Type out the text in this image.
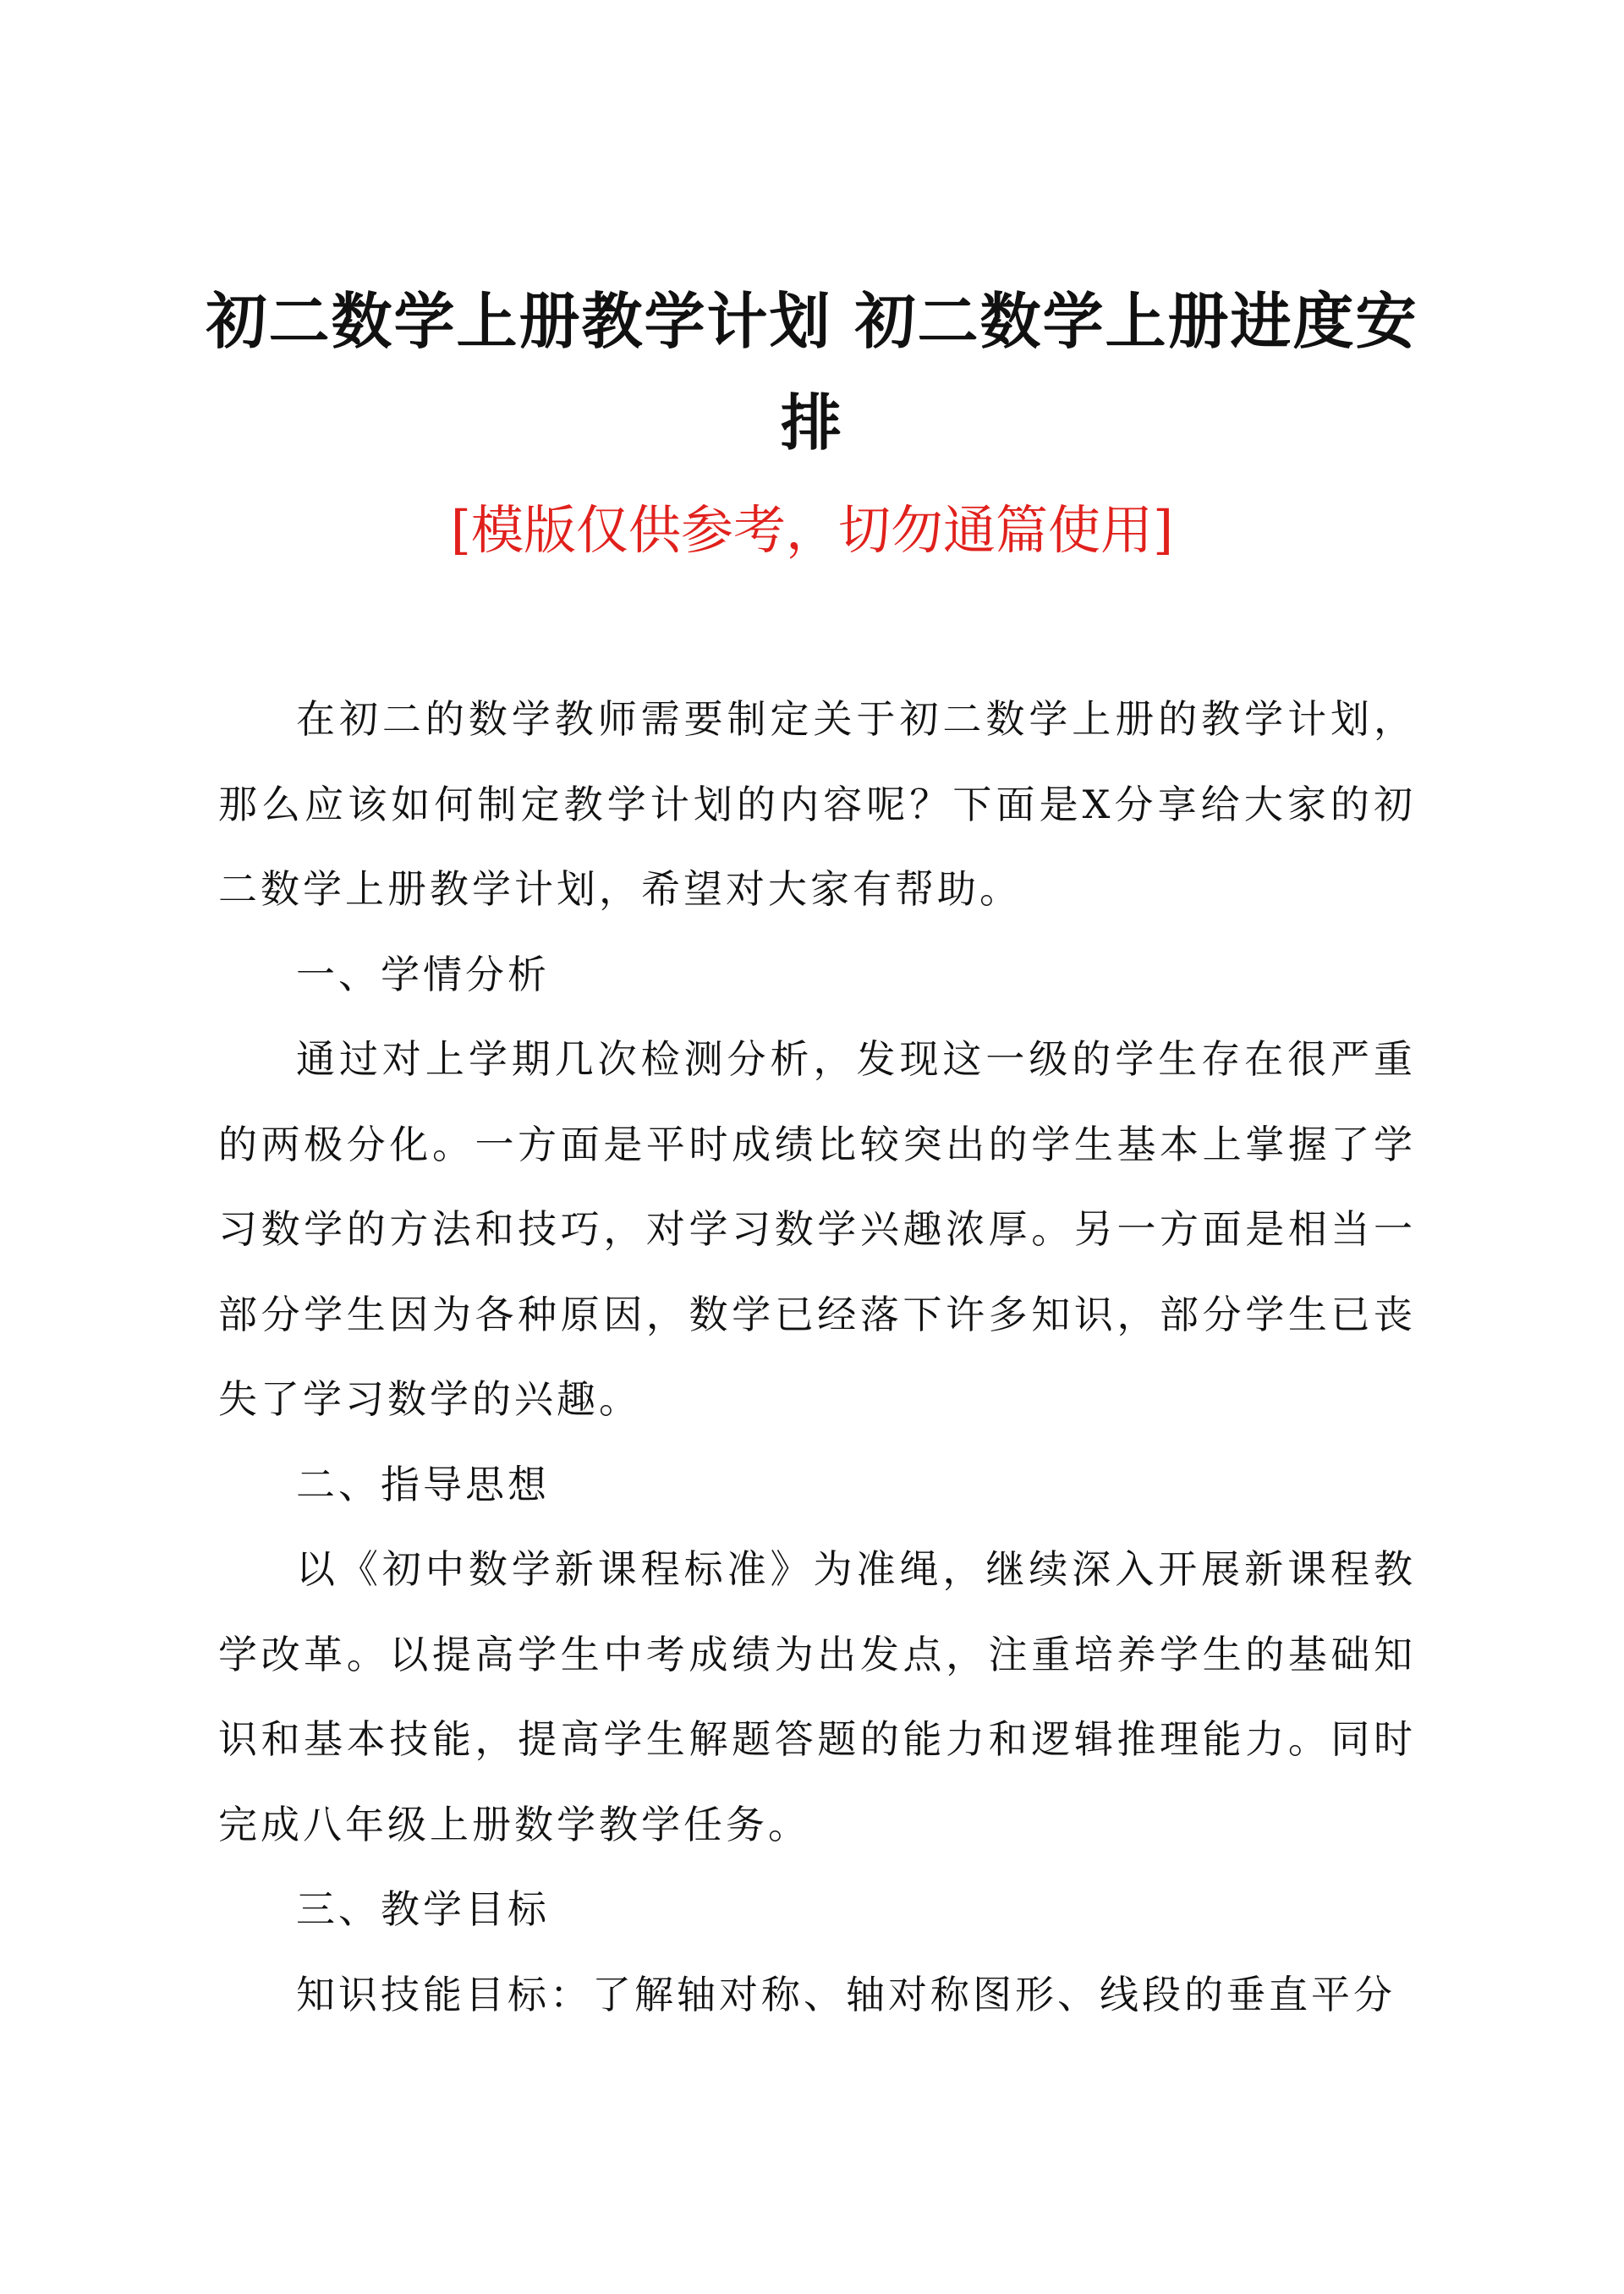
初二数学上册教学计划 初二数学上册进度安排
[模版仅供参考，切勿通篇使用]

在初二的数学教师需要制定关于初二数学上册的教学计划，那么应该如何制定教学计划的内容呢？下面是X分享给大家的初二数学上册教学计划，希望对大家有帮助。

一、学情分析

通过对上学期几次检测分析，发现这一级的学生存在很严重的两极分化。一方面是平时成绩比较突出的学生基本上掌握了学习数学的方法和技巧，对学习数学兴趣浓厚。另一方面是相当一部分学生因为各种原因，数学已经落下许多知识，部分学生已丧失了学习数学的兴趣。

二、指导思想

以《初中数学新课程标准》为准绳，继续深入开展新课程教学改革。以提高学生中考成绩为出发点，注重培养学生的基础知识和基本技能，提高学生解题答题的能力和逻辑推理能力。同时完成八年级上册数学教学任务。

三、教学目标

知识技能目标：了解轴对称、轴对称图形、线段的垂直平分
